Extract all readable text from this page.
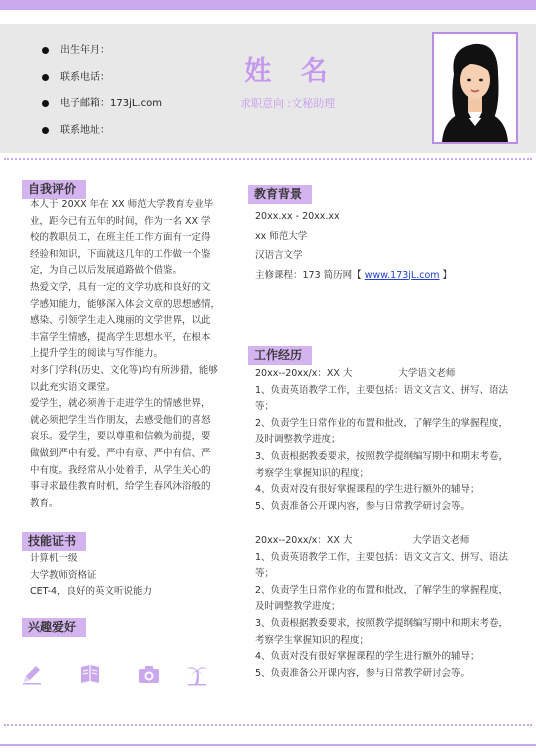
出生年月：
联系电话：
电子邮箱：173jL.com
联系地址：
姓 名
求职意向 :文秘助理
自我评价
本人于 20XX 年在 XX 师范大学教育专业毕
业，距今已有五年的时间，作为一名 XX 学
校的教职员工，在班主任工作方面有一定得
经验和知识，下面就这几年的工作做一个鉴
定，为自己以后发展道路做个借鉴。
热爱文学，具有一定的文学功底和良好的文
学感知能力，能够深入体会文章的思想感情，
感染、引领学生走入瑰丽的文学世界，以此
丰富学生情感，提高学生思想水平，在根本
上提升学生的阅读与写作能力。
对多门学科(历史、文化等)均有所涉猎，能够
以此充实语文课堂。
爱学生，就必须善于走进学生的情感世界，
就必须把学生当作朋友，去感受他们的喜怒
哀乐。爱学生，要以尊重和信赖为前提，要
做做到严中有爱、严中有章、严中有信、严
中有度。我经常从小处着手，从学生关心的
事寻求最佳教育时机，给学生春风沐浴般的
教育。
教育背景
20xx.xx - 20xx.xx
xx 师范大学
汉语言文学
主修课程：173 简历网【 www.173jL.com 】
工作经历
20xx--20xx/x：XX 大	大学语文老师
1、负责英语教学工作，主要包括：语文文言文、拼写、语法
等；
2、负责学生日常作业的布置和批改，了解学生的掌握程度，
及时调整教学进度；
3、负责根据教委要求，按照教学提纲编写期中和期末考卷，
考察学生掌握知识的程度；
4、负责对没有很好掌握课程的学生进行额外的辅导；
5、负责准备公开课内容，参与日常教学研讨会等。
20xx--20xx/x：XX 大	大学语文老师
1、负责英语教学工作，主要包括：语文文言文、拼写、语法
等；
2、负责学生日常作业的布置和批改，了解学生的掌握程度，
及时调整教学进度；
3、负责根据教委要求，按照教学提纲编写期中和期末考卷，
考察学生掌握知识的程度；
4、负责对没有很好掌握课程的学生进行额外的辅导；
5、负责准备公开课内容，参与日常教学研讨会等。
技能证书
计算机一级
大学教师资格证
CET-4，良好的英文听说能力
兴趣爱好
